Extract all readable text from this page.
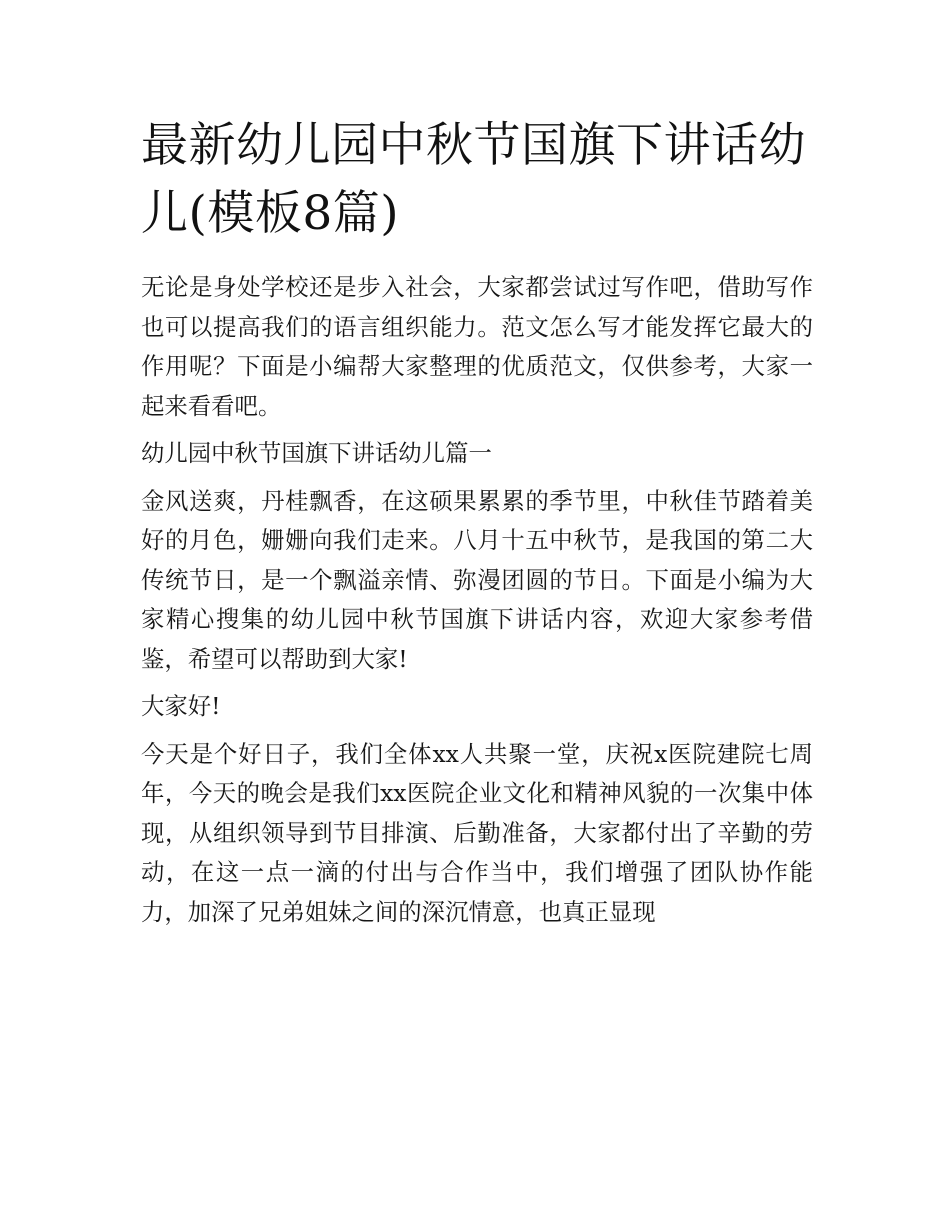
最新幼儿园中秋节国旗下讲话幼儿(模板8篇)

无论是身处学校还是步入社会，大家都尝试过写作吧，借助写作也可以提高我们的语言组织能力。范文怎么写才能发挥它最大的作用呢？下面是小编帮大家整理的优质范文，仅供参考，大家一起来看看吧。

幼儿园中秋节国旗下讲话幼儿篇一

金风送爽，丹桂飘香，在这硕果累累的季节里，中秋佳节踏着美好的月色，姗姗向我们走来。八月十五中秋节，是我国的第二大传统节日，是一个飘溢亲情、弥漫团圆的节日。下面是小编为大家精心搜集的幼儿园中秋节国旗下讲话内容，欢迎大家参考借鉴，希望可以帮助到大家!

大家好!

今天是个好日子，我们全体xx人共聚一堂，庆祝x医院建院七周年，今天的晚会是我们xx医院企业文化和精神风貌的一次集中体现，从组织领导到节目排演、后勤准备，大家都付出了辛勤的劳动，在这一点一滴的付出与合作当中，我们增强了团队协作能力，加深了兄弟姐妹之间的深沉情意，也真正显现
